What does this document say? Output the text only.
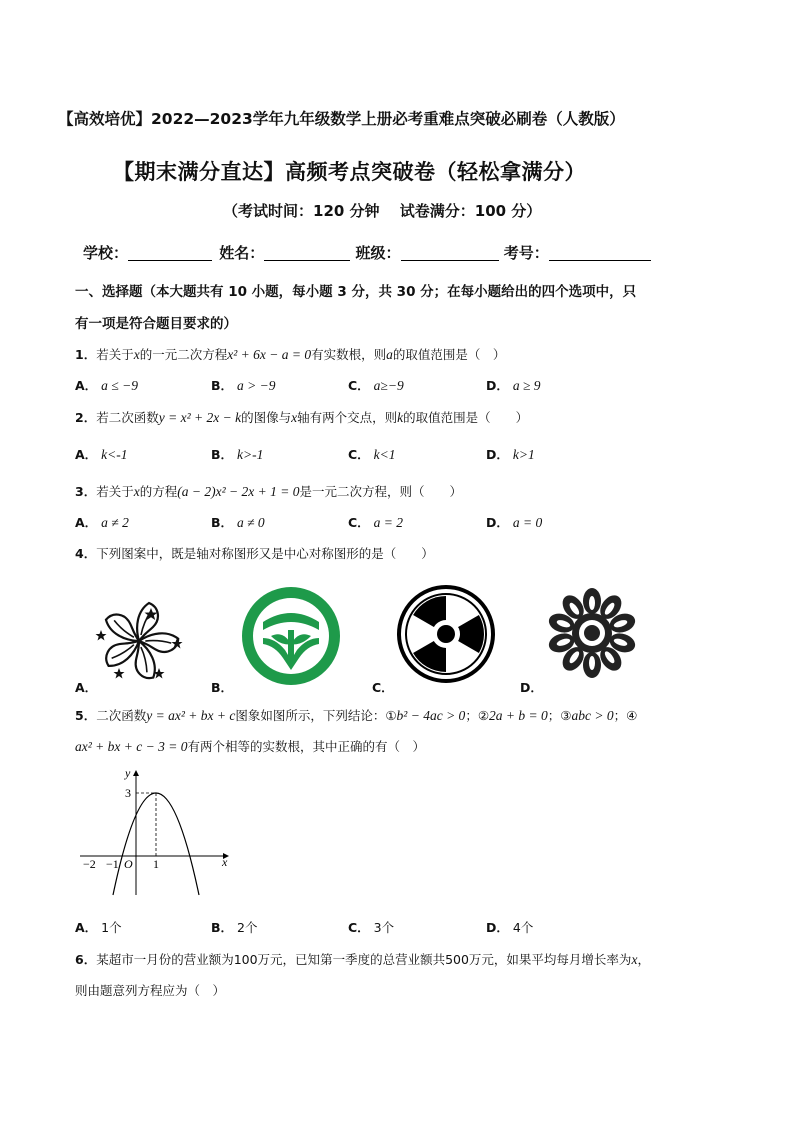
【高效培优】2022—2023学年九年级数学上册必考重难点突破必刷卷（人教版）
【期末满分直达】高频考点突破卷（轻松拿满分）
（考试时间：120 分钟　 试卷满分：100 分）
学校：	姓名：	班级：	考号：
一、选择题（本大题共有 10 小题，每小题 3 分，共 30 分；在每小题给出的四个选项中，只
有一项是符合题目要求的）
1．若关于x的一元二次方程x² + 6x − a = 0有实数根，则a的取值范围是（　）
A． a ≤ −9	B． a > −9	C． a≥−9	D． a ≥ 9
2．若二次函数y = x² + 2x − k的图像与x轴有两个交点，则k的取值范围是（　　）
A． k<-1	B． k>-1	C． k<1	D． k>1
3．若关于x的方程(a − 2)x² − 2x + 1 = 0是一元二次方程，则（　　）
A． a ≠ 2	B． a ≠ 0	C． a = 2	D． a = 0
4．下列图案中，既是轴对称图形又是中心对称图形的是（　　）
A．	B．	C．	D．
5．二次函数y = ax² + bx + c图象如图所示，下列结论：①b² − 4ac > 0；②2a + b = 0；③abc > 0；④
ax² + bx + c − 3 = 0有两个相等的实数根，其中正确的有（　）
y
x
3
O
−2 −1	1
A． 1个	B． 2个	C． 3个	D． 4个
6．某超市一月份的营业额为100万元，已知第一季度的总营业额共500万元，如果平均每月增长率为x，
则由题意列方程应为（　）
